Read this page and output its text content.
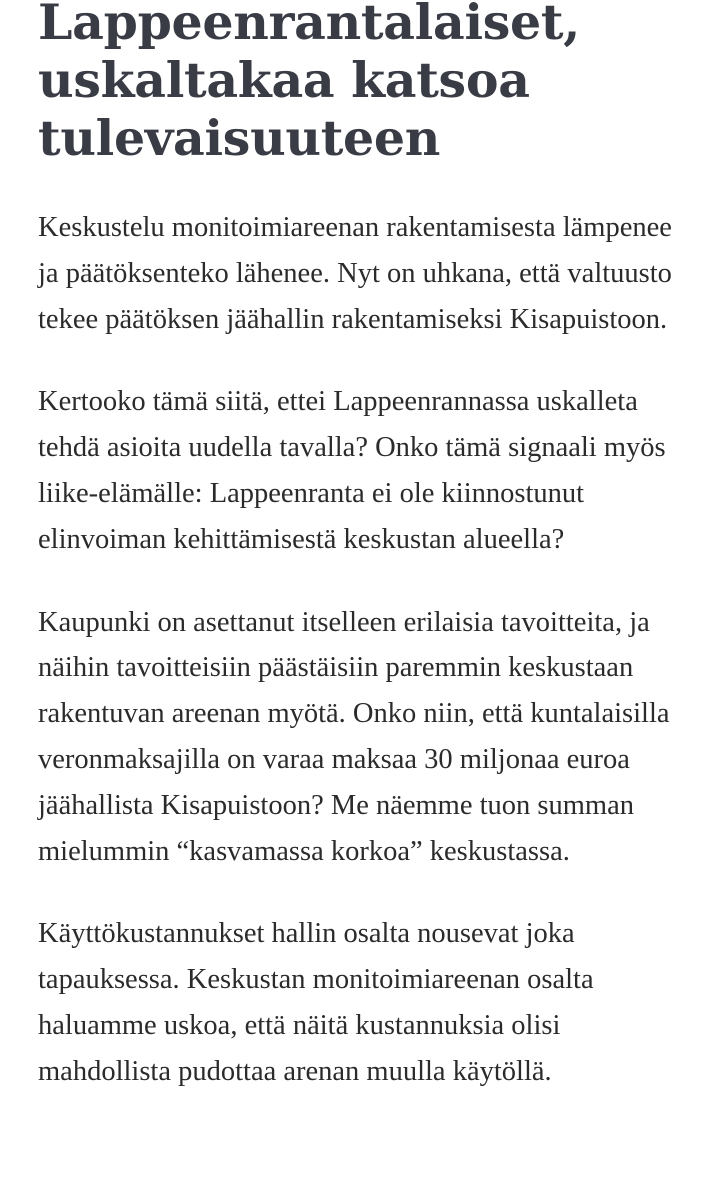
Lappeenrantalaiset, uskaltakaa katsoa tulevaisuuteen

Keskustelu monitoimiareenan rakentamisesta lämpenee ja päätöksenteko lähenee. Nyt on uhkana, että valtuusto tekee päätöksen jäähallin rakentamiseksi Kisapuistoon.

Kertooko tämä siitä, ettei Lappeenrannassa uskalleta tehdä asioita uudella tavalla? Onko tämä signaali myös liike-elämälle: Lappeenranta ei ole kiinnostunut elinvoiman kehittämisestä keskustan alueella?

Kaupunki on asettanut itselleen erilaisia tavoitteita, ja näihin tavoitteisiin päästäisiin paremmin keskustaan rakentuvan areenan myötä. Onko niin, että kuntalaisilla veronmaksajilla on varaa maksaa 30 miljonaa euroa jäähallista Kisapuistoon? Me näemme tuon summan mielummin “kasvamassa korkoa” keskustassa.

Käyttökustannukset hallin osalta nousevat joka tapauksessa. Keskustan monitoimiareenan osalta haluamme uskoa, että näitä kustannuksia olisi mahdollista pudottaa arenan muulla käytöllä.
